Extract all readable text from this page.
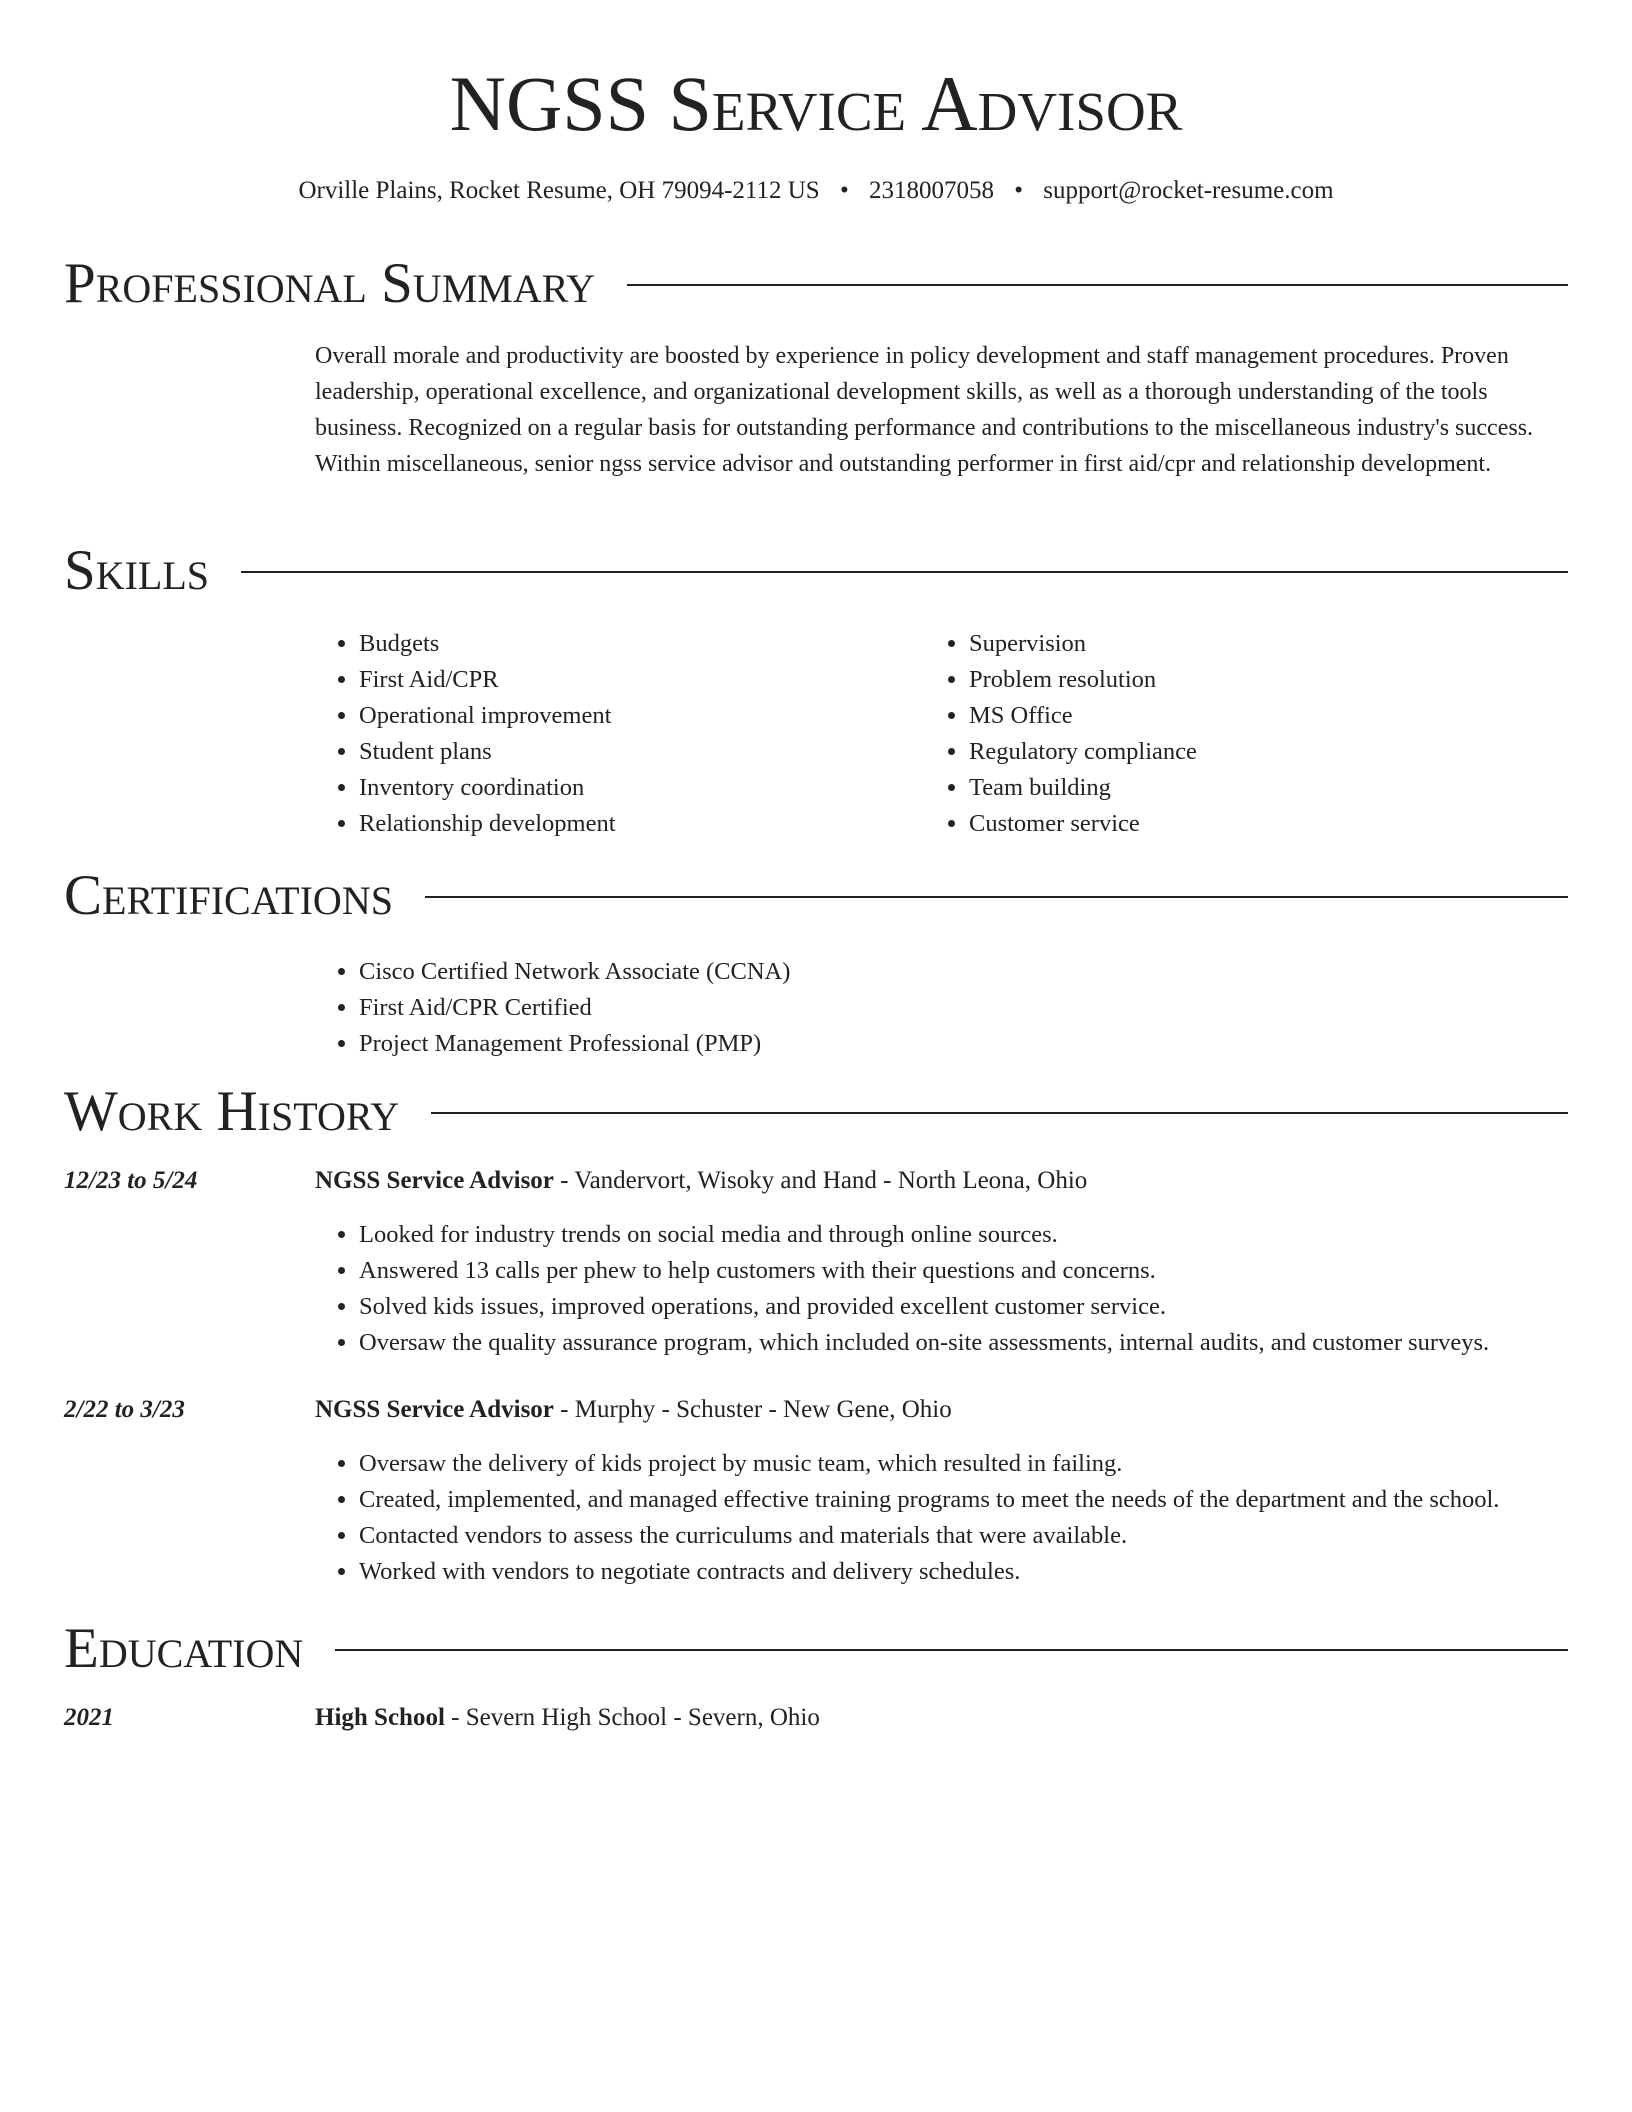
NGSS Service Advisor
Orville Plains, Rocket Resume, OH 79094-2112 US • 2318007058 • support@rocket-resume.com
Professional Summary
Overall morale and productivity are boosted by experience in policy development and staff management procedures. Proven leadership, operational excellence, and organizational development skills, as well as a thorough understanding of the tools business. Recognized on a regular basis for outstanding performance and contributions to the miscellaneous industry's success. Within miscellaneous, senior ngss service advisor and outstanding performer in first aid/cpr and relationship development.
Skills
• Budgets
• First Aid/CPR
• Operational improvement
• Student plans
• Inventory coordination
• Relationship development
• Supervision
• Problem resolution
• MS Office
• Regulatory compliance
• Team building
• Customer service
Certifications
• Cisco Certified Network Associate (CCNA)
• First Aid/CPR Certified
• Project Management Professional (PMP)
Work History
12/23 to 5/24	NGSS Service Advisor - Vandervort, Wisoky and Hand - North Leona, Ohio
• Looked for industry trends on social media and through online sources.
• Answered 13 calls per phew to help customers with their questions and concerns.
• Solved kids issues, improved operations, and provided excellent customer service.
• Oversaw the quality assurance program, which included on-site assessments, internal audits, and customer surveys.
2/22 to 3/23	NGSS Service Advisor - Murphy - Schuster - New Gene, Ohio
• Oversaw the delivery of kids project by music team, which resulted in failing.
• Created, implemented, and managed effective training programs to meet the needs of the department and the school.
• Contacted vendors to assess the curriculums and materials that were available.
• Worked with vendors to negotiate contracts and delivery schedules.
Education
2021	High School - Severn High School - Severn, Ohio
